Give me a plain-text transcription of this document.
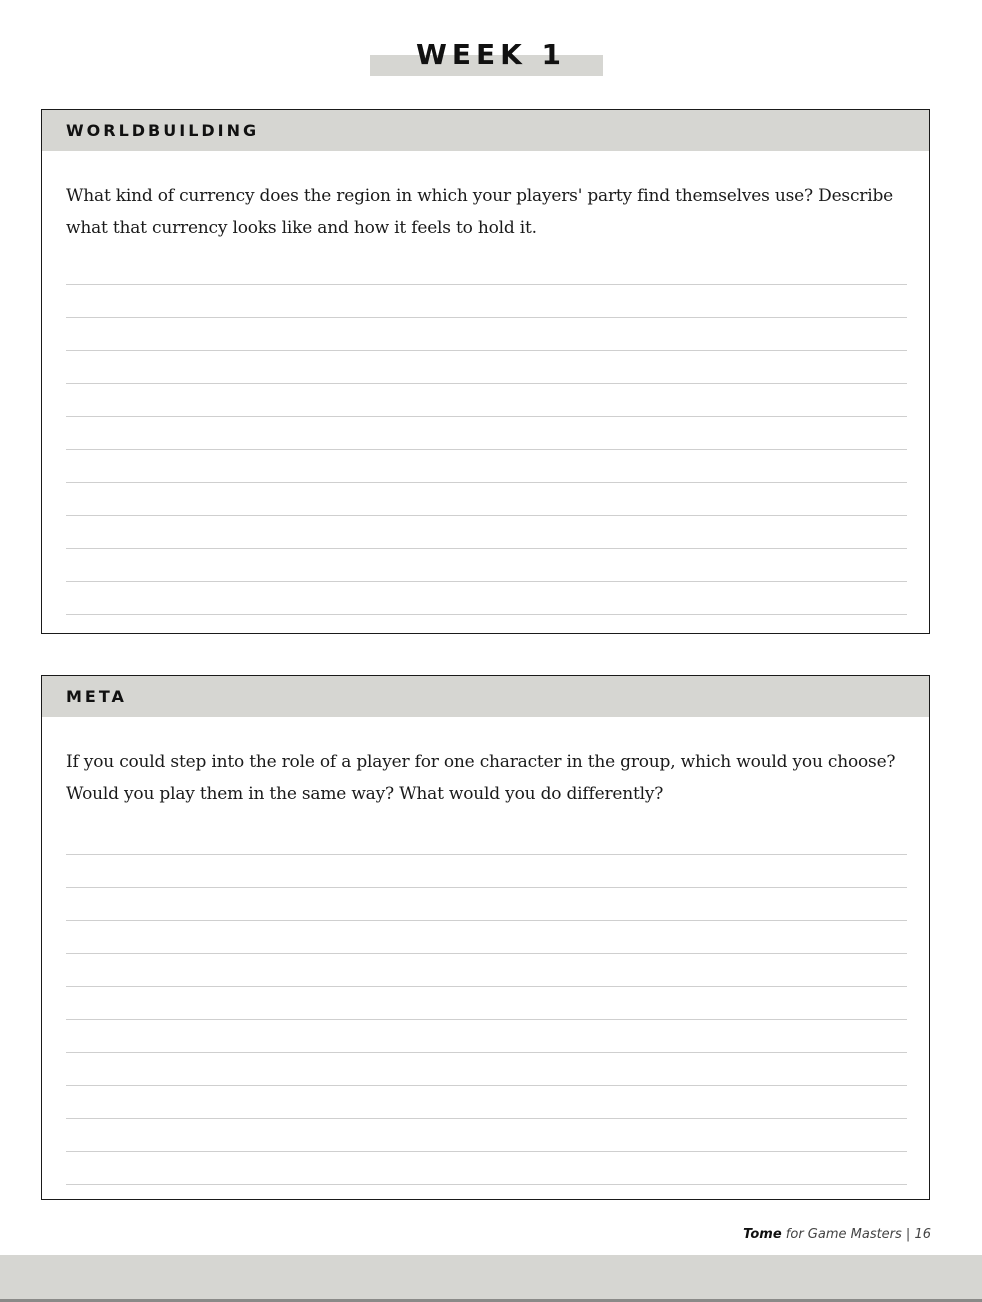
WEEK 1
WORLDBUILDING
What kind of currency does the region in which your players' party find themselves use? Describe what that currency looks like and how it feels to hold it.
META
If you could step into the role of a player for one character in the group, which would you choose? Would you play them in the same way? What would you do differently?
Tome for Game Masters | 16
